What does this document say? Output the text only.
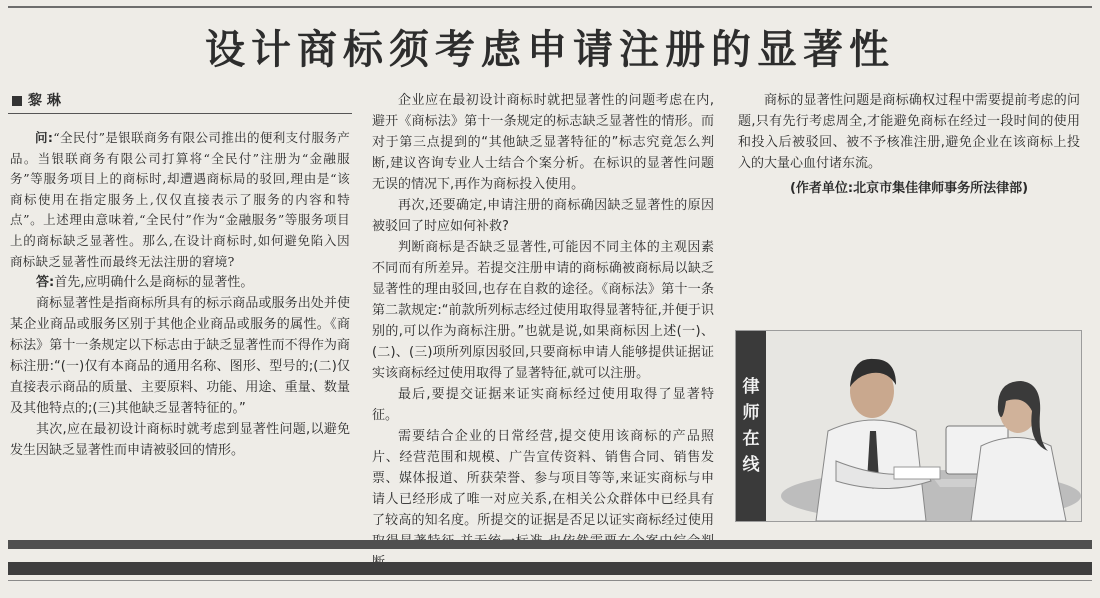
设计商标须考虑申请注册的显著性
黎 琳

问:“全民付”是银联商务有限公司推出的便利支付服务产品。当银联商务有限公司打算将“全民付”注册为“金融服务”等服务项目上的商标时,却遭遇商标局的驳回,理由是“该商标使用在指定服务上,仅仅直接表示了服务的内容和特点”。上述理由意味着,“全民付”作为“金融服务”等服务项目上的商标缺乏显著性。那么,在设计商标时,如何避免陷入因商标缺乏显著性而最终无法注册的窘境?

答:首先,应明确什么是商标的显著性。

商标显著性是指商标所具有的标示商品或服务出处并使某企业商品或服务区别于其他企业商品或服务的属性。《商标法》第十一条规定以下标志由于缺乏显著性而不得作为商标注册:“(一)仅有本商品的通用名称、图形、型号的;(二)仅直接表示商品的质量、主要原料、功能、用途、重量、数量及其他特点的;(三)其他缺乏显著特征的。”

其次,应在最初设计商标时就考虑到显著性问题,以避免发生因缺乏显著性而申请被驳回的情形。

企业应在最初设计商标时就把显著性的问题考虑在内,避开《商标法》第十一条规定的标志缺乏显著性的情形。而对于第三点提到的“其他缺乏显著特征的”标志究竟怎么判断,建议咨询专业人士结合个案分析。在标识的显著性问题无误的情况下,再作为商标投入使用。

再次,还要确定,申请注册的商标确因缺乏显著性的原因被驳回了时应如何补救?

判断商标是否缺乏显著性,可能因不同主体的主观因素不同而有所差异。若提交注册申请的商标确被商标局以缺乏显著性的理由驳回,也存在自救的途径。《商标法》第十一条第二款规定:“前款所列标志经过使用取得显著特征,并便于识别的,可以作为商标注册。”也就是说,如果商标因上述(一)、(二)、(三)项所列原因驳回,只要商标申请人能够提供证据证实该商标经过使用取得了显著特征,就可以注册。

最后,要提交证据来证实商标经过使用取得了显著特征。

需要结合企业的日常经营,提交使用该商标的产品照片、经营范围和规模、广告宣传资料、销售合同、销售发票、媒体报道、所获荣誉、参与项目等等,来证实商标与申请人已经形成了唯一对应关系,在相关公众群体中已经具有了较高的知名度。所提交的证据是否足以证实商标经过使用

商标的显著性问题是商标确权过程中需要提前考虑的问题,只有先行考虑周全,才能避免商标在经过一段时间的使用和投入后被驳回、被不予核准注册,避免企业在该商标上投入的大量心血付诸东流。

(作者单位:北京市集佳律师事务所法律部)

律
师
在
线
